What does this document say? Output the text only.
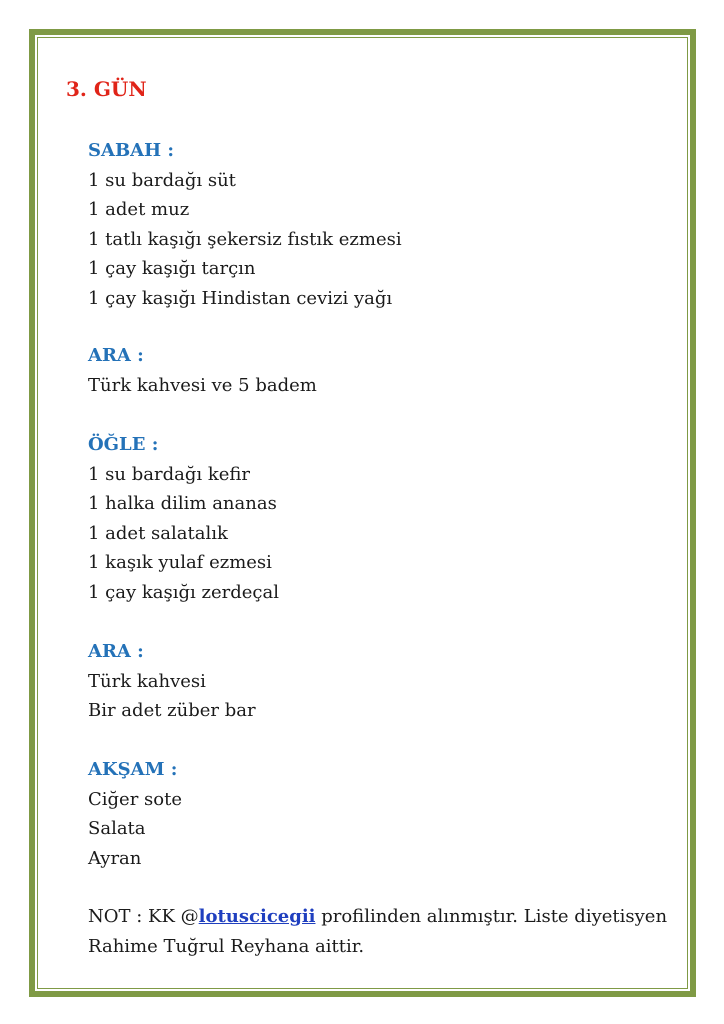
3. GÜN
SABAH :
1 su bardağı süt
1 adet muz
1 tatlı kaşığı şekersiz fıstık ezmesi
1 çay kaşığı tarçın
1 çay kaşığı Hindistan cevizi yağı
ARA :
Türk kahvesi ve 5 badem
ÖĞLE :
1 su bardağı kefir
1 halka dilim ananas
1 adet salatalık
1 kaşık yulaf ezmesi
1 çay kaşığı zerdeçal
ARA :
Türk kahvesi
Bir adet züber bar
AKŞAM :
Ciğer sote
Salata
Ayran
NOT : KK @lotuscicegii profilinden alınmıştır. Liste diyetisyen
Rahime Tuğrul Reyhana aittir.
